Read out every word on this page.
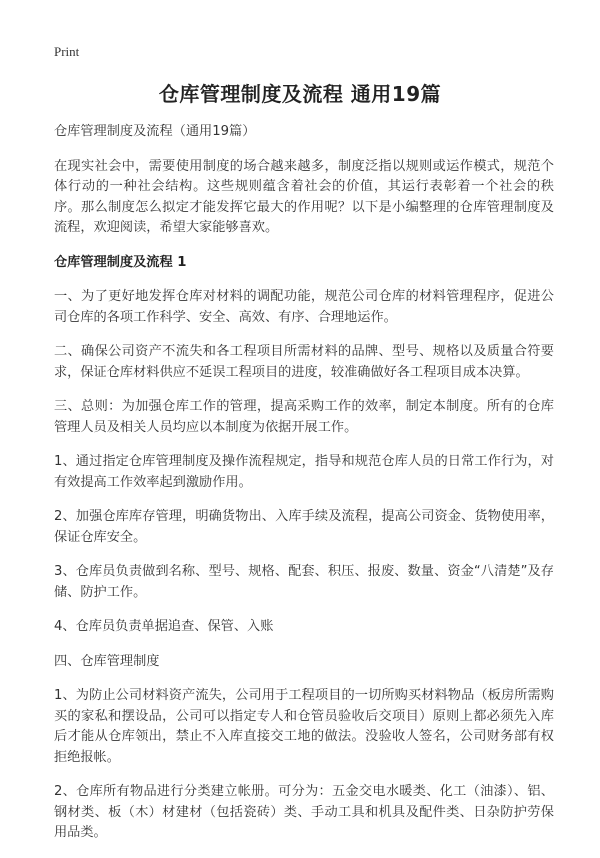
Print
仓库管理制度及流程 通用19篇

仓库管理制度及流程（通用19篇）

在现实社会中，需要使用制度的场合越来越多，制度泛指以规则或运作模式，规范个体行动的一种社会结构。这些规则蕴含着社会的价值，其运行表彰着一个社会的秩序。那么制度怎么拟定才能发挥它最大的作用呢？以下是小编整理的仓库管理制度及流程，欢迎阅读，希望大家能够喜欢。

仓库管理制度及流程 1

一、为了更好地发挥仓库对材料的调配功能，规范公司仓库的材料管理程序，促进公司仓库的各项工作科学、安全、高效、有序、合理地运作。

二、确保公司资产不流失和各工程项目所需材料的品牌、型号、规格以及质量合符要求，保证仓库材料供应不延误工程项目的进度，较准确做好各工程项目成本决算。

三、总则：为加强仓库工作的管理，提高采购工作的效率，制定本制度。所有的仓库管理人员及相关人员均应以本制度为依据开展工作。

1、通过指定仓库管理制度及操作流程规定，指导和规范仓库人员的日常工作行为，对有效提高工作效率起到激励作用。

2、加强仓库库存管理，明确货物出、入库手续及流程，提高公司资金、货物使用率，保证仓库安全。

3、仓库员负责做到名称、型号、规格、配套、积压、报废、数量、资金“八清楚”及存储、防护工作。

4、仓库员负责单据追查、保管、入账

四、仓库管理制度

1、为防止公司材料资产流失，公司用于工程项目的一切所购买材料物品（板房所需购买的家私和摆设品，公司可以指定专人和仓管员验收后交项目）原则上都必须先入库后才能从仓库领出，禁止不入库直接交工地的做法。没验收人签名，公司财务部有权拒绝报帐。

2、仓库所有物品进行分类建立帐册。可分为：五金交电水暖类、化工（油漆）、铝、钢材类、板（木）材建材（包括瓷砖）类、手动工具和机具及配件类、日杂防护劳保用品类。
